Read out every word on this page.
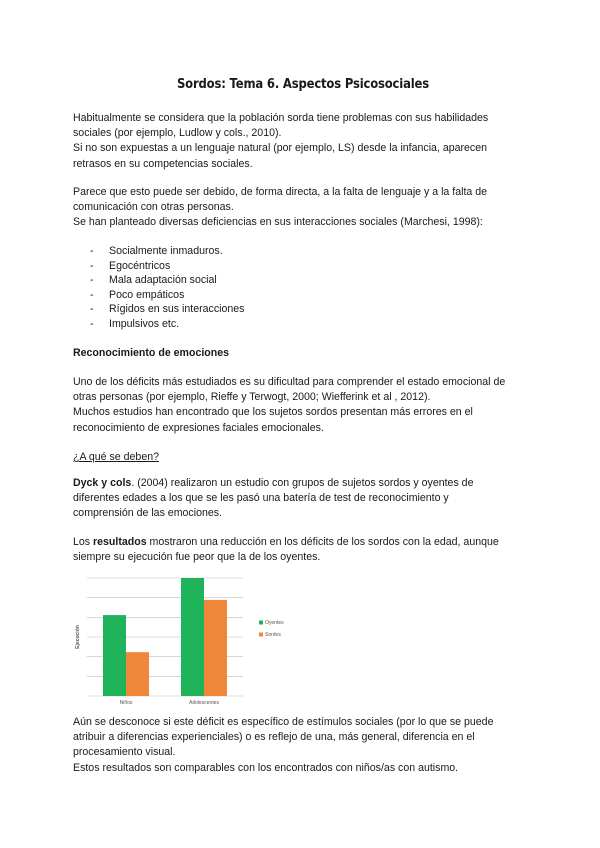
Sordos: Tema 6. Aspectos Psicosociales

Habitualmente se considera que la población sorda tiene problemas con sus habilidades
sociales (por ejemplo, Ludlow y cols., 2010).
Si no son expuestas a un lenguaje natural (por ejemplo, LS) desde la infancia, aparecen
retrasos en su competencias sociales.

Parece que esto puede ser debido, de forma directa, a la falta de lenguaje y a la falta de
comunicación con otras personas.
Se han planteado diversas deficiencias en sus interacciones sociales (Marchesi, 1998):

- Socialmente inmaduros.
- Egocéntricos
- Mala adaptación social
- Poco empáticos
- Rígidos en sus interacciones
- Impulsivos etc.
Reconocimiento de emociones

Uno de los déficits más estudiados es su dificultad para comprender el estado emocional de
otras personas (por ejemplo, Rieffe y Terwogt, 2000; Wiefferink et al , 2012).
Muchos estudios han encontrado que los sujetos sordos presentan más errores en el
reconocimiento de expresiones faciales emocionales.

¿A qué se deben?

Dyck y cols. (2004) realizaron un estudio con grupos de sujetos sordos y oyentes de
diferentes edades a los que se les pasó una batería de test de reconocimiento y
comprensión de las emociones.

Los resultados mostraron una reducción en los déficits de los sordos con la edad, aunque
siempre su ejecución fue peor que la de los oyentes.

Aún se desconoce si este déficit es específico de estímulos sociales (por lo que se puede
atribuir a diferencias experienciales) o es reflejo de una, más general, diferencia en el
procesamiento visual.
Estos resultados son comparables con los encontrados con niños/as con autismo.

Niños	Adolescentes
Ejecución
Oyentes
Sordos
